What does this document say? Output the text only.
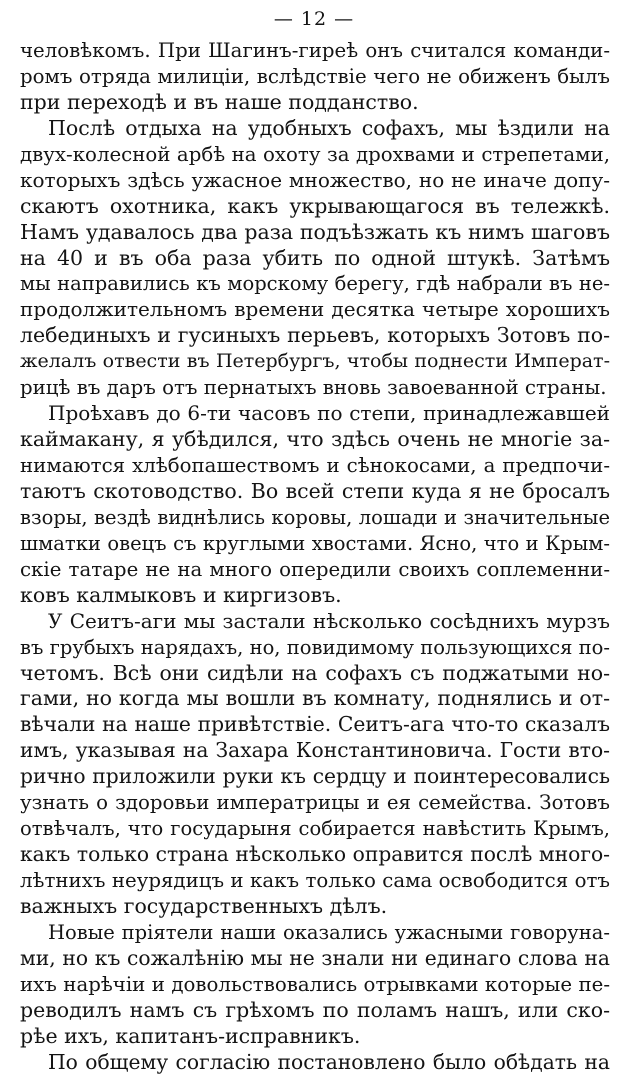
— 12 —
человѣкомъ. При Шагинъ-гиреѣ онъ считался команди-
ромъ отряда милиціи, вслѣдствіе чего не обиженъ былъ
при переходѣ и въ наше подданство.
Послѣ отдыха на удобныхъ софахъ, мы ѣздили на
двух-колесной арбѣ на охоту за дрохвами и стрепетами,
которыхъ здѣсь ужасное множество, но не иначе допу-
скаютъ охотника, какъ укрывающагося въ тележкѣ.
Намъ удавалось два раза подъѣзжать къ нимъ шаговъ
на 40 и въ оба раза убить по одной штукѣ. Затѣмъ
мы направились къ морскому берегу, гдѣ набрали въ не-
продолжительномъ времени десятка четыре хорошихъ
лебединыхъ и гусиныхъ перьевъ, которыхъ Зотовъ по-
желалъ отвести въ Петербургъ, чтобы поднести Императ-
рицѣ въ даръ отъ пернатыхъ вновь завоеванной страны.
Проѣхавъ до 6-ти часовъ по степи, принадлежавшей
каймакану, я убѣдился, что здѣсь очень не многіе за-
нимаются хлѣбопашествомъ и сѣнокосами, а предпочи-
таютъ скотоводство. Во всей степи куда я не бросалъ
взоры, вездѣ виднѣлись коровы, лошади и значительные
шматки овецъ съ круглыми хвостами. Ясно, что и Крым-
скіе татаре не на много опередили своихъ соплеменни-
ковъ калмыковъ и киргизовъ.
У Сеитъ-аги мы застали нѣсколько сосѣднихъ мурзъ
въ грубыхъ нарядахъ, но, повидимому пользующихся по-
четомъ. Всѣ они сидѣли на софахъ съ поджатыми но-
гами, но когда мы вошли въ комнату, поднялись и от-
вѣчали на наше привѣтствіе. Сеитъ-ага что-то сказалъ
имъ, указывая на Захара Константиновича. Гости вто-
рично приложили руки къ сердцу и поинтересовались
узнать о здоровьи императрицы и ея семейства. Зотовъ
отвѣчалъ, что государыня собирается навѣстить Крымъ,
какъ только страна нѣсколько оправится послѣ много-
лѣтнихъ неурядицъ и какъ только сама освободится отъ
важныхъ государственныхъ дѣлъ.
Новые пріятели наши оказались ужасными говоруна-
ми, но къ сожалѣнію мы не знали ни единаго слова на
ихъ нарѣчіи и довольствовались отрывками которые пе-
реводилъ намъ съ грѣхомъ по поламъ нашъ, или ско-
рѣе ихъ, капитанъ-исправникъ.
По общему согласію постановлено было обѣдать на
